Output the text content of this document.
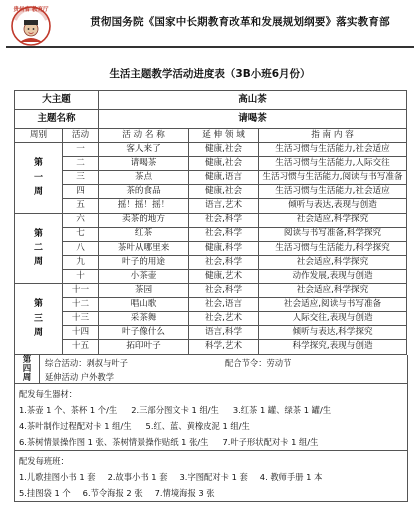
贵州省 教育厅
贯彻国务院《国家中长期教育改革和发展规划纲要》落实教育部
生活主题教学活动进度表（3B小班6月份）
大主题		高山茶		
主题名称		请喝茶		
周别	活动	活 动 名 称	延 伸 领 域	指 南 内 容
第
一
周	一	客人来了	健康,社会	生活习惯与生活能力,社会适应
	二	请喝茶	健康,社会	生活习惯与生活能力,人际交往
	三	茶点	健康,语言	生活习惯与生活能力,阅读与书写准备
	四	茶的食品	健康,社会	生活习惯与生活能力,社会适应
	五	摇！摇！摇！	语言,艺术	倾听与表达,表现与创造
第
二
周	六	卖茶的地方	社会,科学	社会适应,科学探究
	七	红茶	社会,科学	阅读与书写准备,科学探究
	八	茶叶从哪里来	健康,科学	生活习惯与生活能力,科学探究
	九	叶子的用途	社会,科学	社会适应,科学探究
	十	小茶壶	健康,艺术	动作发展,表现与创造
第
三
周	十一	茶园	社会,科学	社会适应,科学探究
	十二	唱山歌	社会,语言	社会适应,阅读与书写准备
	十三	采茶舞	社会,艺术	人际交往,表现与创造
	十四	叶子像什么	语言,科学	倾听与表达,科学探究
	十五	拓印叶子	科学,艺术	科学探究,表现与创造
第
四
周
综合活动：剥叔与叶子	配合节令：劳动节
延伸活动 户外教学
配发每生器材：
1.茶壶 1 个、茶杯 1 个/生 2.三部分图文卡 1 组/生 3.红茶 1 罐、绿茶 1 罐/生
4.茶叶制作过程配对卡 1 组/生 5.红、蓝、黄橡皮泥 1 组/生
6.茶树情景操作图 1 张、茶树情景操作贴纸 1 张/生 7.叶子形状配对卡 1 组/生
配发每班班：
1.儿歌挂图小书 1 套 2.故事小书 1 套 3.字图配对卡 1 套 4. 教师手册 1 本
5.挂图袋 1 个 6.节令海报 2 张 7.情境海报 3 张
